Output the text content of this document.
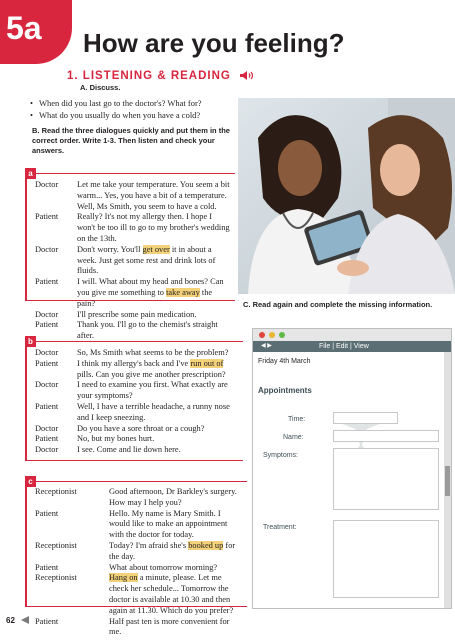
5a How are you feeling?
1. LISTENING & READING
A. Discuss.
• When did you last go to the doctor's? What for?
• What do you usually do when you have a cold?
B. Read the three dialogues quickly and put them in the correct order. Write 1-3. Then listen and check your answers.
C. Read again and complete the missing information.
a
Doctor	Let me take your temperature. You seem a bit warm... Yes, you have a bit of a temperature. Well, Ms Smith, you seem to have a cold.
Patient	Really? It's not my allergy then. I hope I won't be too ill to go to my brother's wedding on the 13th.
Doctor	Don't worry. You'll get over it in about a week. Just get some rest and drink lots of fluids.
Patient	I will. What about my head and bones? Can you give me something to take away the pain?
Doctor	I'll prescribe some pain medication.
Patient	Thank you. I'll go to the chemist's straight after.
b
Doctor	So, Ms Smith what seems to be the problem?
Patient	I think my allergy's back and I've run out of pills. Can you give me another prescription?
Doctor	I need to examine you first. What exactly are your symptoms?
Patient	Well, I have a terrible headache, a runny nose and I keep sneezing.
Doctor	Do you have a sore throat or a cough?
Patient	No, but my bones hurt.
Doctor	I see. Come and lie down here.
c
Receptionist	Good afternoon, Dr Barkley's surgery. How may I help you?
Patient	Hello. My name is Mary Smith. I would like to make an appointment with the doctor for today.
Receptionist	Today? I'm afraid she's booked up for the day.
Patient	What about tomorrow morning?
Receptionist	Hang on a minute, please. Let me check her schedule... Tomorrow the doctor is available at 10.30 and then again at 11.30. Which do you prefer?
Patient	Half past ten is more convenient for me.
◀ ▶	File | Edit | View
Friday 4th March
Appointments
Time:
Name:
Symptoms:
Treatment:
62
